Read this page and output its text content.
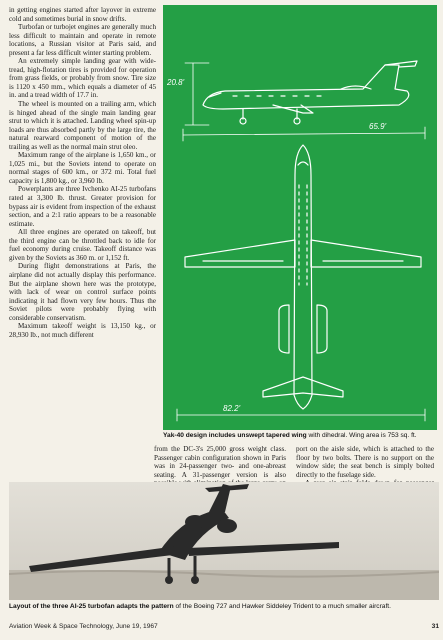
in getting engines started after layover in extreme cold and sometimes burial in snow drifts.

Turbofan or turbojet engines are generally much less difficult to maintain and operate in remote locations, a Russian visitor at Paris said, and present a far less difficult winter starting problem.

An extremely simple landing gear with wide-tread, high-flotation tires is provided for operation from grass fields, or probably from snow. Tire size is 1120 x 450 mm., which equals a diameter of 45 in. and a tread width of 17.7 in.

The wheel is mounted on a trailing arm, which is hinged ahead of the single main landing gear strut to which it is attached. Landing wheel spin-up loads are thus absorbed partly by the large tire, the natural rearward component of motion of the trailing as well as the normal main strut oleo.

Maximum range of the airplane is 1,650 km., or 1,025 mi., but the Soviets intend to operate on normal stages of 600 km., or 372 mi. Total fuel capacity is 1,800 kg., or 3,960 lb.

Powerplants are three Ivchenko AI-25 turbofans rated at 3,300 lb. thrust. Greater provision for bypass air is evident from inspection of the exhaust section, and a 2:1 ratio appears to be a reasonable estimate.

All three engines are operated on takeoff, but the third engine can be throttled back to idle for fuel economy during cruise. Takeoff distance was given by the Soviets as 360 m. or 1,152 ft.

During flight demonstrations at Paris, the airplane did not actually display this performance. But the airplane shown here was the prototype, with lack of wear on control surface points indicating it had flown very few hours. Thus the Soviet pilots were probably flying with considerable conservatism.

Maximum takeoff weight is 13,150 kg., or 28,930 lb., not much different

20.8'
65.9'
82.2'
Yak-40 design includes unswept tapered wing with dihedral. Wing area is 753 sq. ft.

from the DC-3's 25,000 gross weight class. Passenger cabin configuration shown in Paris was in 24-passenger two- and one-abreast seating. A 31-passenger version is also

port on the aisle side, which is attached to the floor by two bolts. There is no support on the window side; the seat bench is simply bolted directly to the fuselage side.

Layout of the three AI-25 turbofan adapts the pattern of the Boeing 727 and Hawker Siddeley Trident to a much smaller aircraft.
Aviation Week & Space Technology, June 19, 1967	31
